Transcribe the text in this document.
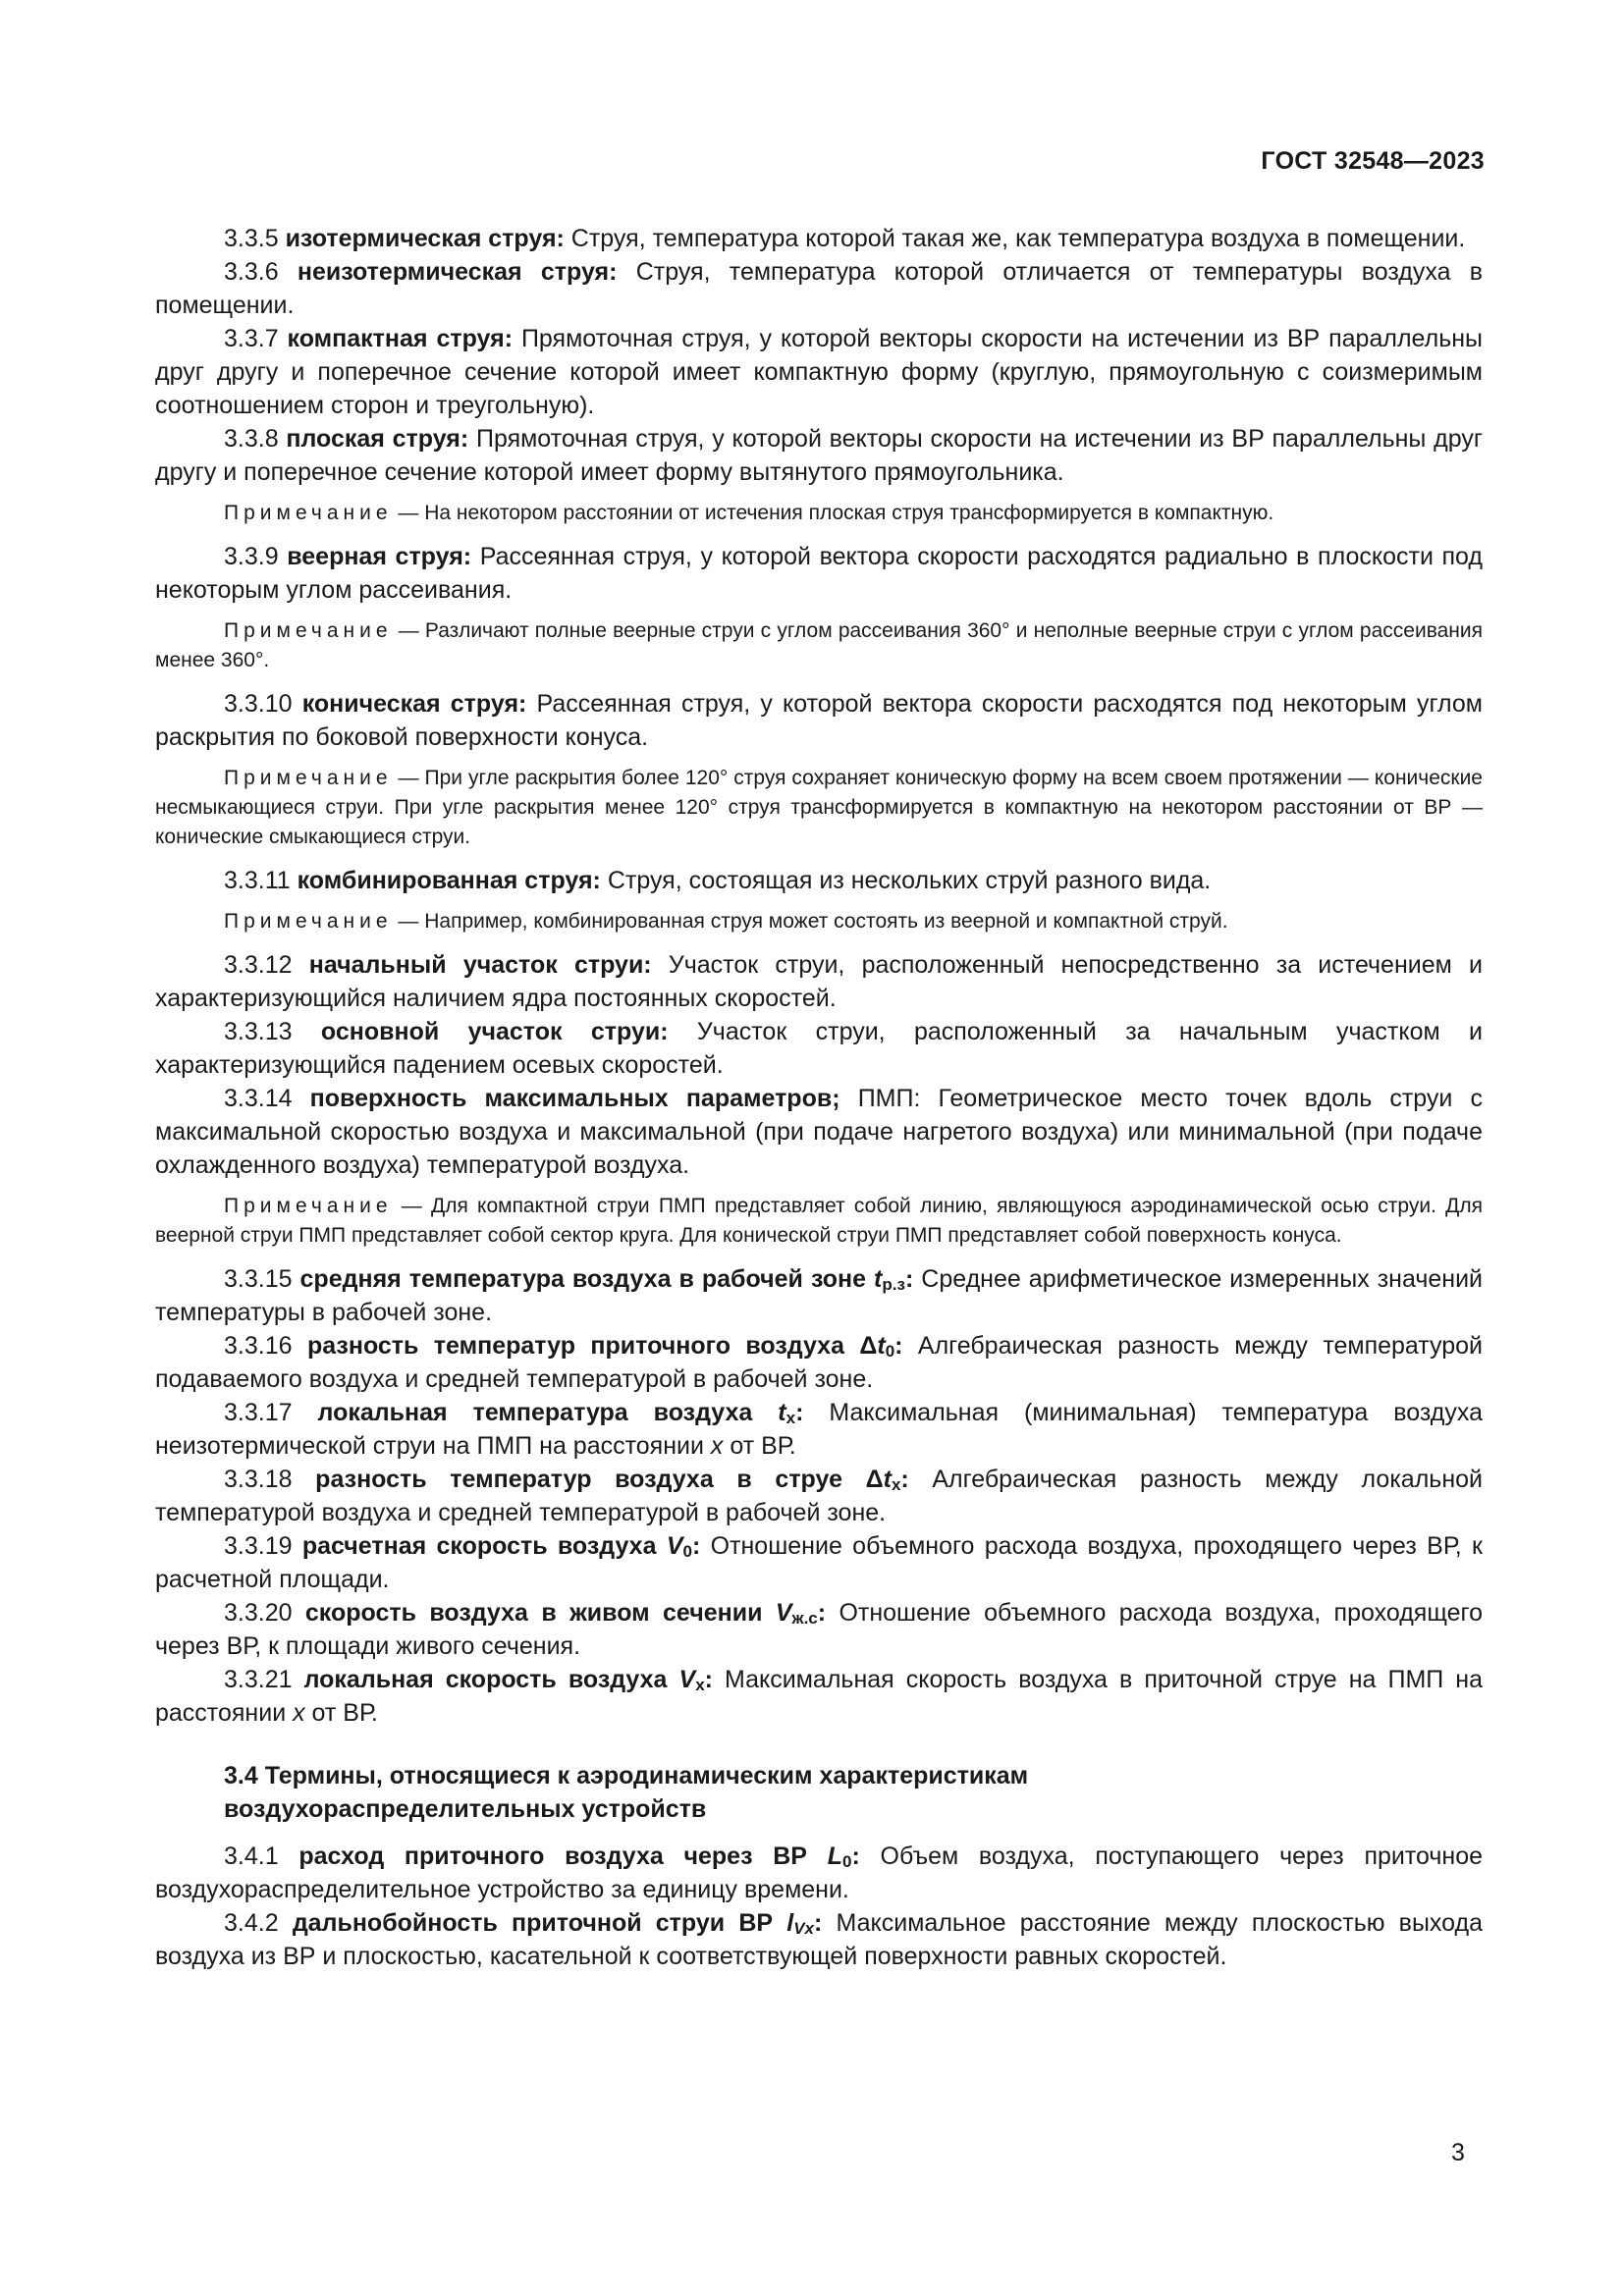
ГОСТ 32548—2023

3.3.5 изотермическая струя: Струя, температура которой такая же, как температура воздуха в помещении.

3.3.6 неизотермическая струя: Струя, температура которой отличается от температуры воздуха в помещении.

3.3.7 компактная струя: Прямоточная струя, у которой векторы скорости на истечении из ВР параллельны друг другу и поперечное сечение которой имеет компактную форму (круглую, прямоугольную с соизмеримым соотношением сторон и треугольную).

3.3.8 плоская струя: Прямоточная струя, у которой векторы скорости на истечении из ВР параллельны друг другу и поперечное сечение которой имеет форму вытянутого прямоугольника.

Примечание — На некотором расстоянии от истечения плоская струя трансформируется в компактную.

3.3.9 веерная струя: Рассеянная струя, у которой вектора скорости расходятся радиально в плоскости под некоторым углом рассеивания.

Примечание — Различают полные веерные струи с углом рассеивания 360° и неполные веерные струи с углом рассеивания менее 360°.

3.3.10 коническая струя: Рассеянная струя, у которой вектора скорости расходятся под некоторым углом раскрытия по боковой поверхности конуса.

Примечание — При угле раскрытия более 120° струя сохраняет коническую форму на всем своем протяжении — конические несмыкающиеся струи. При угле раскрытия менее 120° струя трансформируется в компактную на некотором расстоянии от ВР — конические смыкающиеся струи.

3.3.11 комбинированная струя: Струя, состоящая из нескольких струй разного вида.

Примечание — Например, комбинированная струя может состоять из веерной и компактной струй.

3.3.12 начальный участок струи: Участок струи, расположенный непосредственно за истечением и характеризующийся наличием ядра постоянных скоростей.

3.3.13 основной участок струи: Участок струи, расположенный за начальным участком и характеризующийся падением осевых скоростей.

3.3.14 поверхность максимальных параметров; ПМП: Геометрическое место точек вдоль струи с максимальной скоростью воздуха и максимальной (при подаче нагретого воздуха) или минимальной (при подаче охлажденного воздуха) температурой воздуха.

Примечание — Для компактной струи ПМП представляет собой линию, являющуюся аэродинамической осью струи. Для веерной струи ПМП представляет собой сектор круга. Для конической струи ПМП представляет собой поверхность конуса.

3.3.15 средняя температура воздуха в рабочей зоне $t_{р.з}$: Среднее арифметическое измеренных значений температуры в рабочей зоне.

3.3.16 разность температур приточного воздуха $\Delta t_0$: Алгебраическая разность между температурой подаваемого воздуха и средней температурой в рабочей зоне.

3.3.17 локальная температура воздуха $t_x$: Максимальная (минимальная) температура воздуха неизотермической струи на ПМП на расстоянии x от ВР.

3.3.18 разность температур воздуха в струе $\Delta t_x$: Алгебраическая разность между локальной температурой воздуха и средней температурой в рабочей зоне.

3.3.19 расчетная скорость воздуха $V_0$: Отношение объемного расхода воздуха, проходящего через ВР, к расчетной площади.

3.3.20 скорость воздуха в живом сечении $V_{ж.с}$: Отношение объемного расхода воздуха, проходящего через ВР, к площади живого сечения.

3.3.21 локальная скорость воздуха $V_x$: Максимальная скорость воздуха в приточной струе на ПМП на расстоянии x от ВР.

3.4 Термины, относящиеся к аэродинамическим характеристикам
воздухораспределительных устройств

3.4.1 расход приточного воздуха через ВР $L_0$: Объем воздуха, поступающего через приточное воздухораспределительное устройство за единицу времени.

3.4.2 дальнобойность приточной струи ВР $l_{Vx}$: Максимальное расстояние между плоскостью выхода воздуха из ВР и плоскостью, касательной к соответствующей поверхности равных скоростей.

3
